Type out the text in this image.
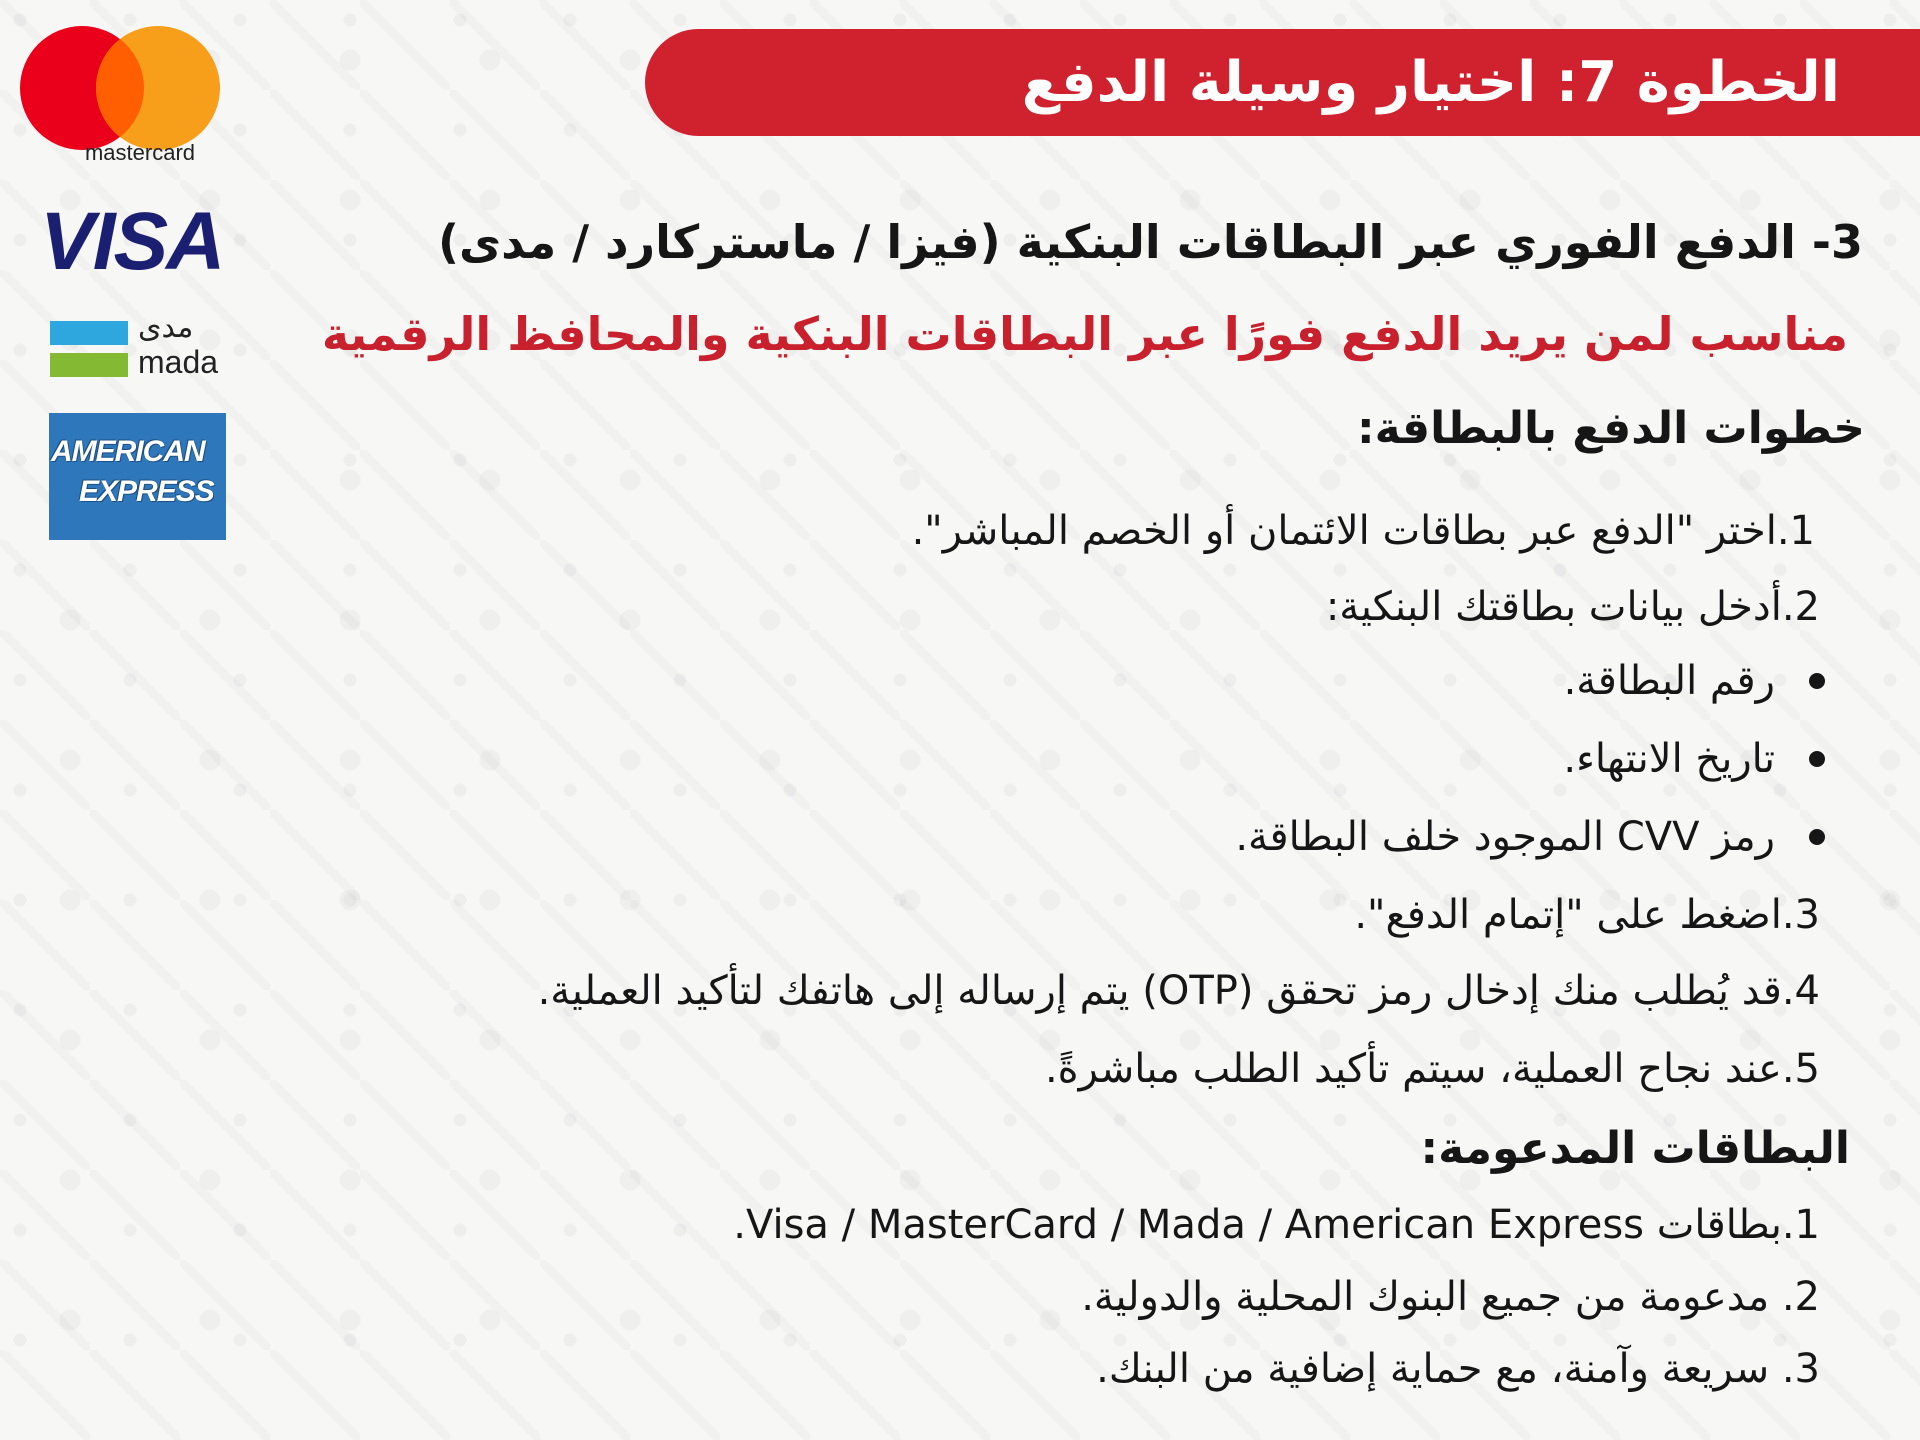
الخطوة 7: اختيار وسيلة الدفع
mastercard
VISA
مدى
mada
AMERICAN
EXPRESS
3- الدفع الفوري عبر البطاقات البنكية (فيزا / ماستركارد / مدى)
مناسب لمن يريد الدفع فورًا عبر البطاقات البنكية والمحافظ الرقمية
خطوات الدفع بالبطاقة:
1.اختر "الدفع عبر بطاقات الائتمان أو الخصم المباشر".
2.أدخل بيانات بطاقتك البنكية:
رقم البطاقة.
تاريخ الانتهاء.
رمز CVV الموجود خلف البطاقة.
3.اضغط على "إتمام الدفع".
4.قد يُطلب منك إدخال رمز تحقق (OTP) يتم إرساله إلى هاتفك لتأكيد العملية.
5.عند نجاح العملية، سيتم تأكيد الطلب مباشرةً.
البطاقات المدعومة:
1.بطاقات Visa / MasterCard / Mada / American Express.
2. مدعومة من جميع البنوك المحلية والدولية.
3. سريعة وآمنة، مع حماية إضافية من البنك.
